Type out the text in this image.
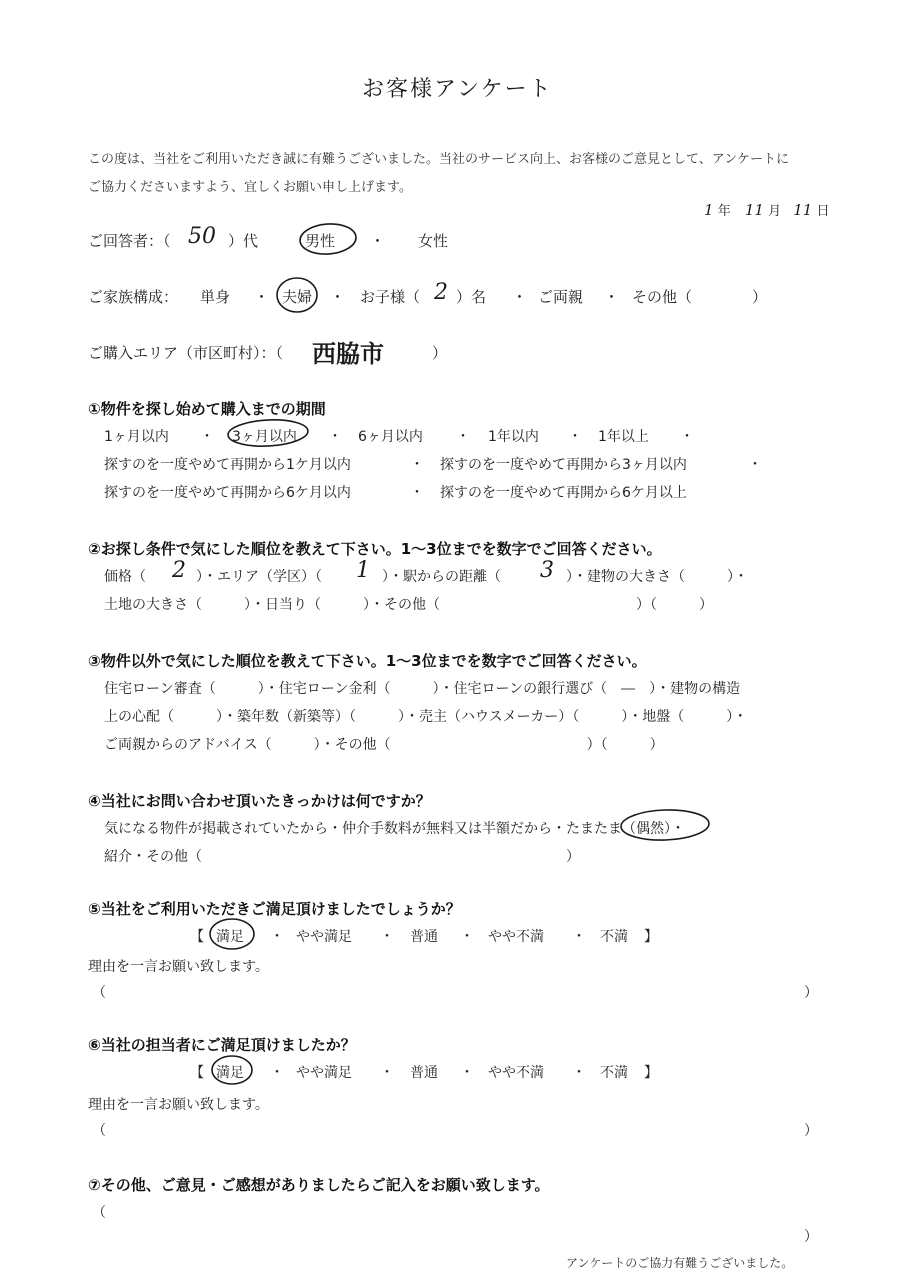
お客様アンケート
この度は、当社をご利用いただき誠に有難うございました。当社のサービス向上、お客様のご意見として、アンケートに
ご協力くださいますよう、宜しくお願い申し上げます。
1 年 11 月 11 日
ご回答者：（ 50 ）代	男性 ・ 女性
ご家族構成： 単身 ・ 夫婦 ・ お子様（ 2 ）名 ・ ご両親 ・ その他（　　　　）
ご購入エリア（市区町村）：（ 西脇市	）
①物件を探し始めて購入までの期間
1ヶ月以内 ・ 3ヶ月以内 ・ 6ヶ月以内 ・ 1年以内 ・ 1年以上 ・
探すのを一度やめて再開から1ケ月以内	・ 探すのを一度やめて再開から3ヶ月以内	・
探すのを一度やめて再開から6ケ月以内	・ 探すのを一度やめて再開から6ケ月以上
②お探し条件で気にした順位を教えて下さい。1～3位までを数字でご回答ください。
価格（ 2 ）・エリア（学区）（ 1 ）・駅からの距離（ 3 ）・建物の大きさ（　　　）・
土地の大きさ（　　　）・日当り（　　　）・その他（　　　　　　　　　　　　　　）（　　　）
③物件以外で気にした順位を教えて下さい。1～3位までを数字でご回答ください。
住宅ローン審査（　　　）・住宅ローン金利（　　　）・住宅ローンの銀行選び（ ― ）・建物の構造
上の心配（　　　）・築年数（新築等）（　　　）・売主（ハウスメーカー）（　　　）・地盤（　　　）・
ご両親からのアドバイス（　　　）・その他（　　　　　　　　　　　　　　）（　　　）
④当社にお問い合わせ頂いたきっかけは何ですか？
気になる物件が掲載されていたから・仲介手数料が無料又は半額だから・たまたま（偶然）・
紹介・その他（　　　　　　　　　　　　　　　　　　　　　　　　　　）
⑤当社をご利用いただきご満足頂けましたでしょうか？
【 満足 ・ やや満足 ・ 普通 ・ やや不満 ・ 不満 】
理由を一言お願い致します。
（	）
⑥当社の担当者にご満足頂けましたか？
【 満足 ・ やや満足 ・ 普通 ・ やや不満 ・ 不満 】
理由を一言お願い致します。
（	）
⑦その他、ご意見・ご感想がありましたらご記入をお願い致します。
（
）
アンケートのご協力有難うございました。
